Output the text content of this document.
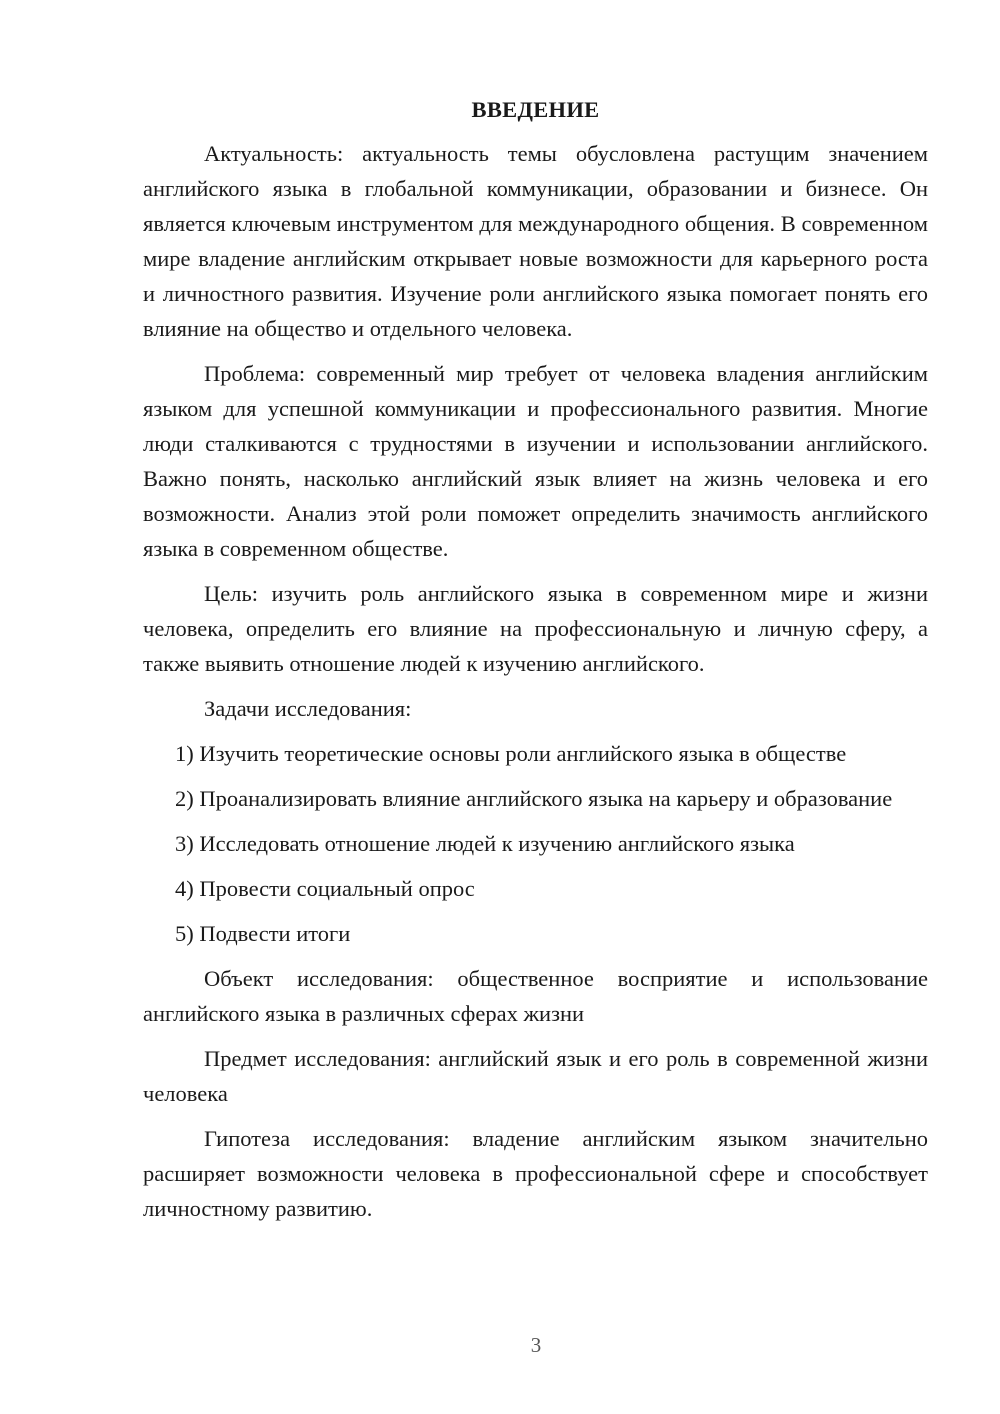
ВВЕДЕНИЕ

Актуальность: актуальность темы обусловлена растущим значением английского языка в глобальной коммуникации, образовании и бизнесе. Он является ключевым инструментом для международного общения. В современном мире владение английским открывает новые возможности для карьерного роста и личностного развития. Изучение роли английского языка помогает понять его влияние на общество и отдельного человека.

Проблема: современный мир требует от человека владения английским языком для успешной коммуникации и профессионального развития. Многие люди сталкиваются с трудностями в изучении и использовании английского. Важно понять, насколько английский язык влияет на жизнь человека и его возможности. Анализ этой роли поможет определить значимость английского языка в современном обществе.

Цель: изучить роль английского языка в современном мире и жизни человека, определить его влияние на профессиональную и личную сферу, а также выявить отношение людей к изучению английского.

Задачи исследования:

1) Изучить теоретические основы роли английского языка в обществе

2) Проанализировать влияние английского языка на карьеру и образование

3) Исследовать отношение людей к изучению английского языка

4) Провести социальный опрос

5) Подвести итоги

Объект исследования: общественное восприятие и использование английского языка в различных сферах жизни

Предмет исследования: английский язык и его роль в современной жизни человека

Гипотеза исследования: владение английским языком значительно расширяет возможности человека в профессиональной сфере и способствует личностному развитию.

3
